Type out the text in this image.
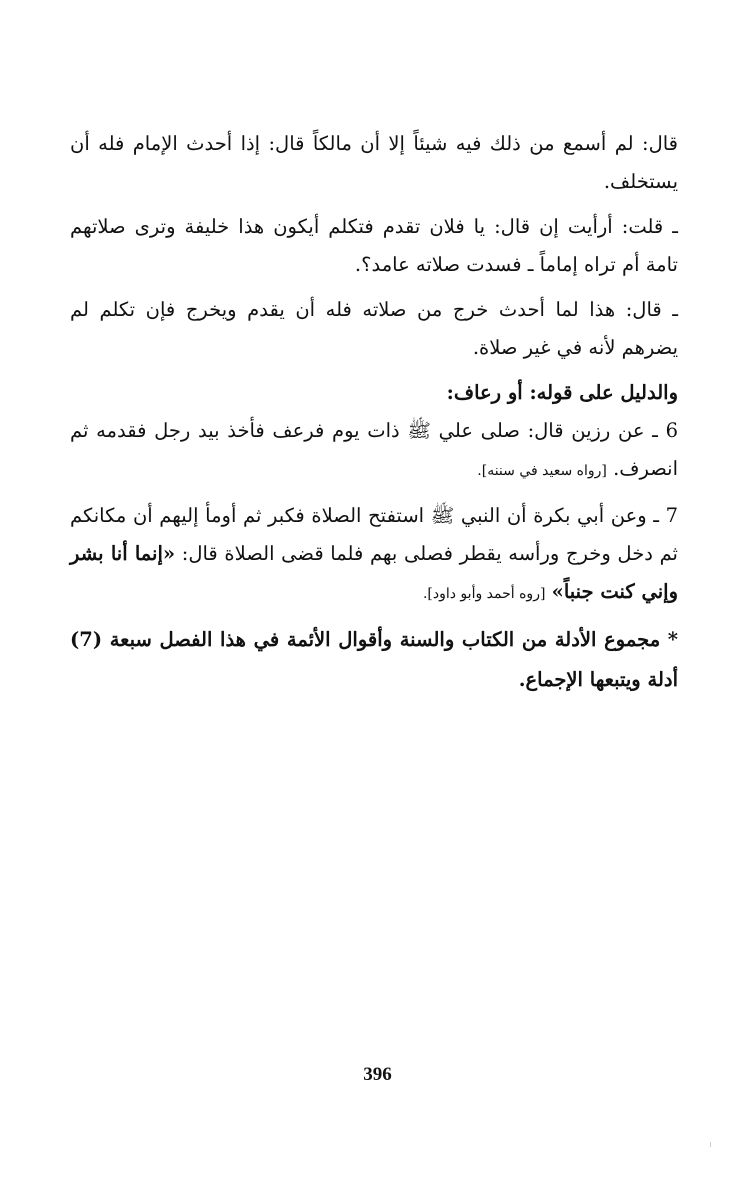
قال: لم أسمع من ذلك فيه شيئاً إلا أن مالكاً قال: إذا أحدث الإمام فله أن يستخلف.

ـ قلت: أرأيت إن قال: يا فلان تقدم فتكلم أيكون هذا خليفة وترى صلاتهم تامة أم تراه إماماً ـ فسدت صلاته عامد؟.

ـ قال: هذا لما أحدث خرج من صلاته فله أن يقدم ويخرج فإن تكلم لم يضرهم لأنه في غير صلاة.

والدليل على قوله: أو رعاف:

6 ـ عن رزين قال: صلى علي ﷺ ذات يوم فرعف فأخذ بيد رجل فقدمه ثم انصرف. [رواه سعيد في سننه].

7 ـ وعن أبي بكرة أن النبي ﷺ استفتح الصلاة فكبر ثم أومأ إليهم أن مكانكم ثم دخل وخرج ورأسه يقطر فصلى بهم فلما قضى الصلاة قال: «إنما أنا بشر وإني كنت جنباً» [روه أحمد وأبو داود].

* مجموع الأدلة من الكتاب والسنة وأقوال الأئمة في هذا الفصل سبعة (7) أدلة ويتبعها الإجماع.

396
